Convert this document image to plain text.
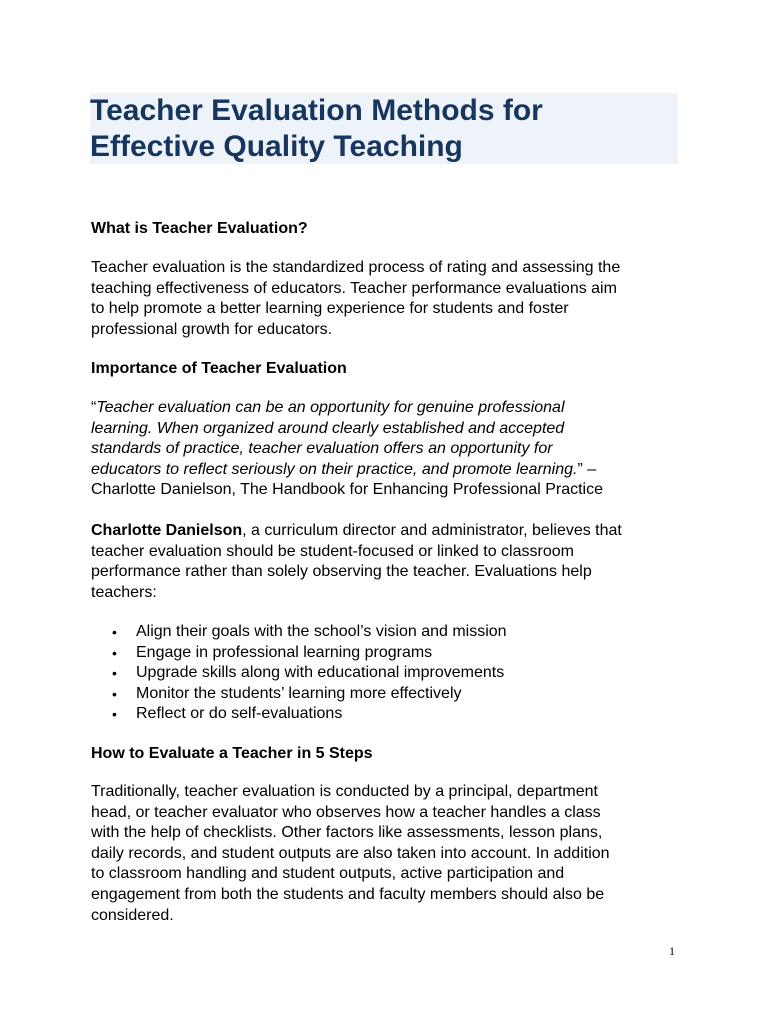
Teacher Evaluation Methods for
Effective Quality Teaching
What is Teacher Evaluation?
Teacher evaluation is the standardized process of rating and assessing the
teaching effectiveness of educators. Teacher performance evaluations aim
to help promote a better learning experience for students and foster
professional growth for educators.
Importance of Teacher Evaluation
“Teacher evaluation can be an opportunity for genuine professional
learning. When organized around clearly established and accepted
standards of practice, teacher evaluation offers an opportunity for
educators to reflect seriously on their practice, and promote learning.” –
Charlotte Danielson, The Handbook for Enhancing Professional Practice
Charlotte Danielson, a curriculum director and administrator, believes that
teacher evaluation should be student-focused or linked to classroom
performance rather than solely observing the teacher. Evaluations help
teachers:
• Align their goals with the school’s vision and mission
• Engage in professional learning programs
• Upgrade skills along with educational improvements
• Monitor the students’ learning more effectively
• Reflect or do self-evaluations
How to Evaluate a Teacher in 5 Steps
Traditionally, teacher evaluation is conducted by a principal, department
head, or teacher evaluator who observes how a teacher handles a class
with the help of checklists. Other factors like assessments, lesson plans,
daily records, and student outputs are also taken into account. In addition
to classroom handling and student outputs, active participation and
engagement from both the students and faculty members should also be
considered.
1
